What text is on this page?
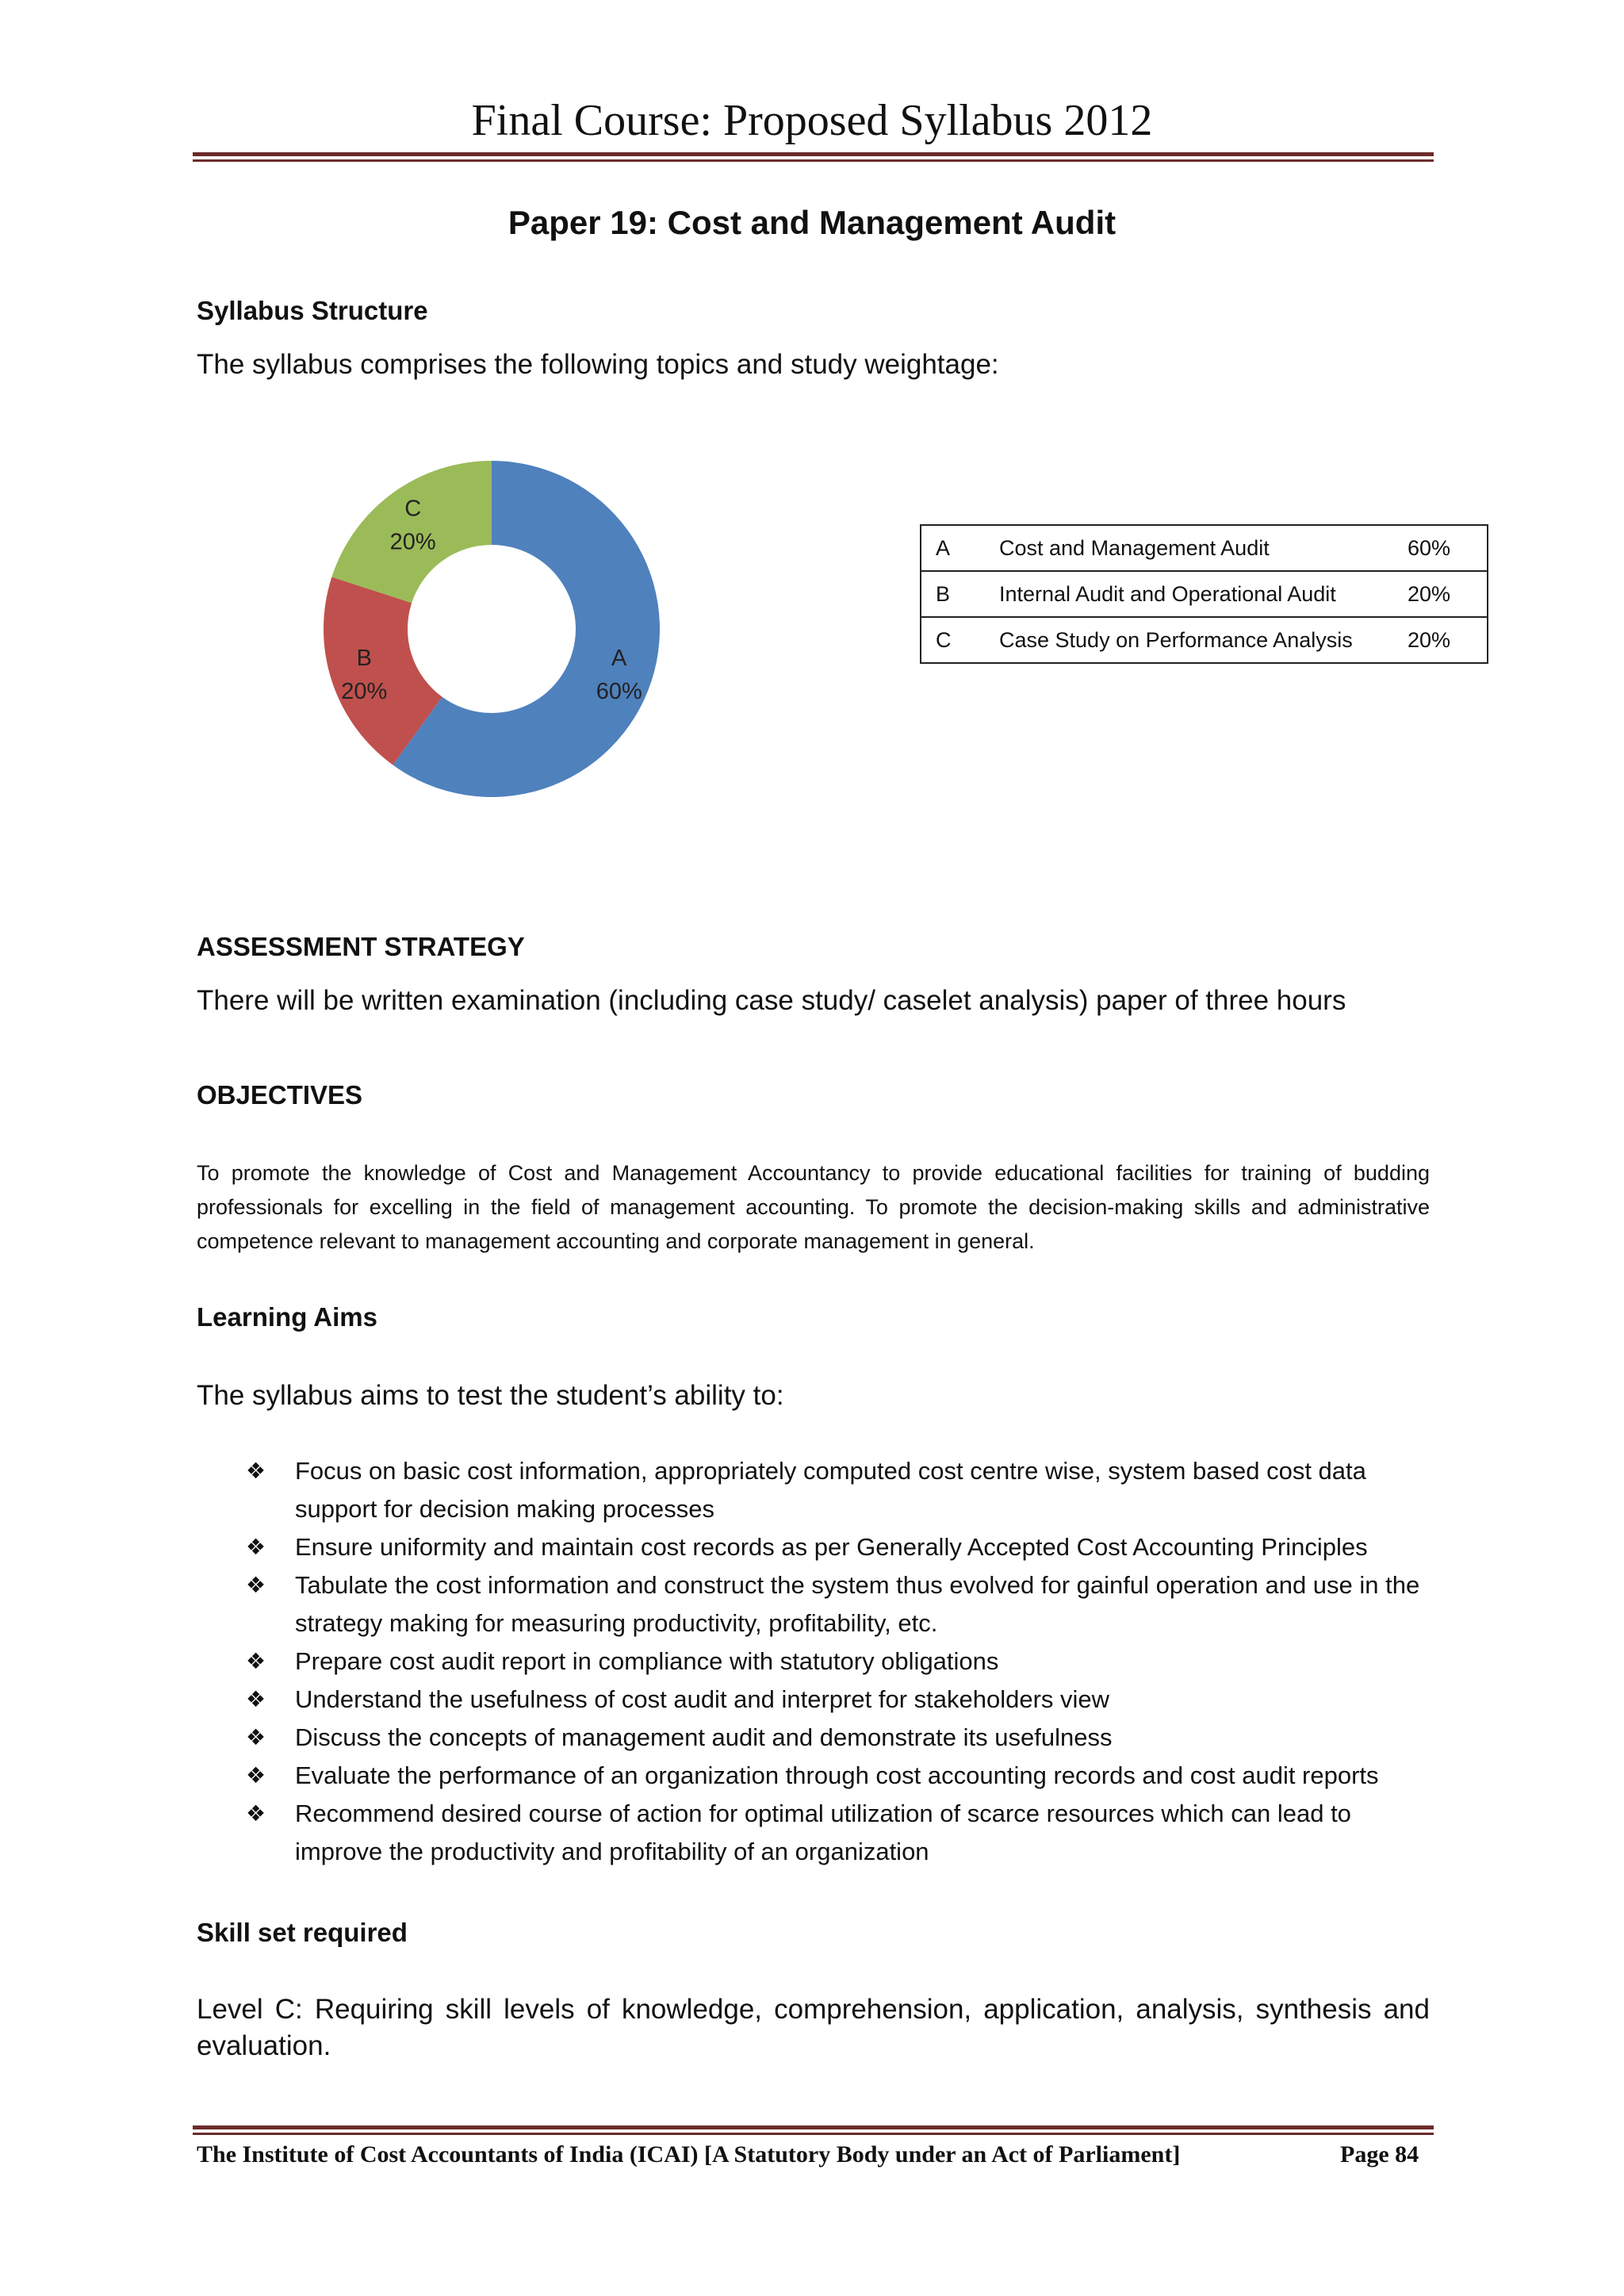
Final Course: Proposed Syllabus 2012
Paper 19: Cost and Management Audit
Syllabus Structure
The syllabus comprises the following topics and study weightage:
A
60%
B
20%
C
20%	A	Cost and Management Audit	60%
B	Internal Audit and Operational Audit	20%
C	Case Study on Performance Analysis	20%
ASSESSMENT STRATEGY
There will be written examination (including case study/ caselet analysis) paper of three hours
OBJECTIVES
To promote the knowledge of Cost and Management Accountancy to provide educational facilities for training of budding professionals for excelling in the field of management accounting. To promote the decision-making skills and administrative competence relevant to management accounting and corporate management in general.
Learning Aims
The syllabus aims to test the student’s ability to:
❖ Focus on basic cost information, appropriately computed cost centre wise, system based cost data support for decision making processes
❖ Ensure uniformity and maintain cost records as per Generally Accepted Cost Accounting Principles
❖ Tabulate the cost information and construct the system thus evolved for gainful operation and use in the strategy making for measuring productivity, profitability, etc.
❖ Prepare cost audit report in compliance with statutory obligations
❖ Understand the usefulness of cost audit and interpret for stakeholders view
❖ Discuss the concepts of management audit and demonstrate its usefulness
❖ Evaluate the performance of an organization through cost accounting records and cost audit reports
❖ Recommend desired course of action for optimal utilization of scarce resources which can lead to improve the productivity and profitability of an organization
Skill set required
Level C: Requiring skill levels of knowledge, comprehension, application, analysis, synthesis and evaluation.
The Institute of Cost Accountants of India (ICAI) [A Statutory Body under an Act of Parliament]	Page 84
